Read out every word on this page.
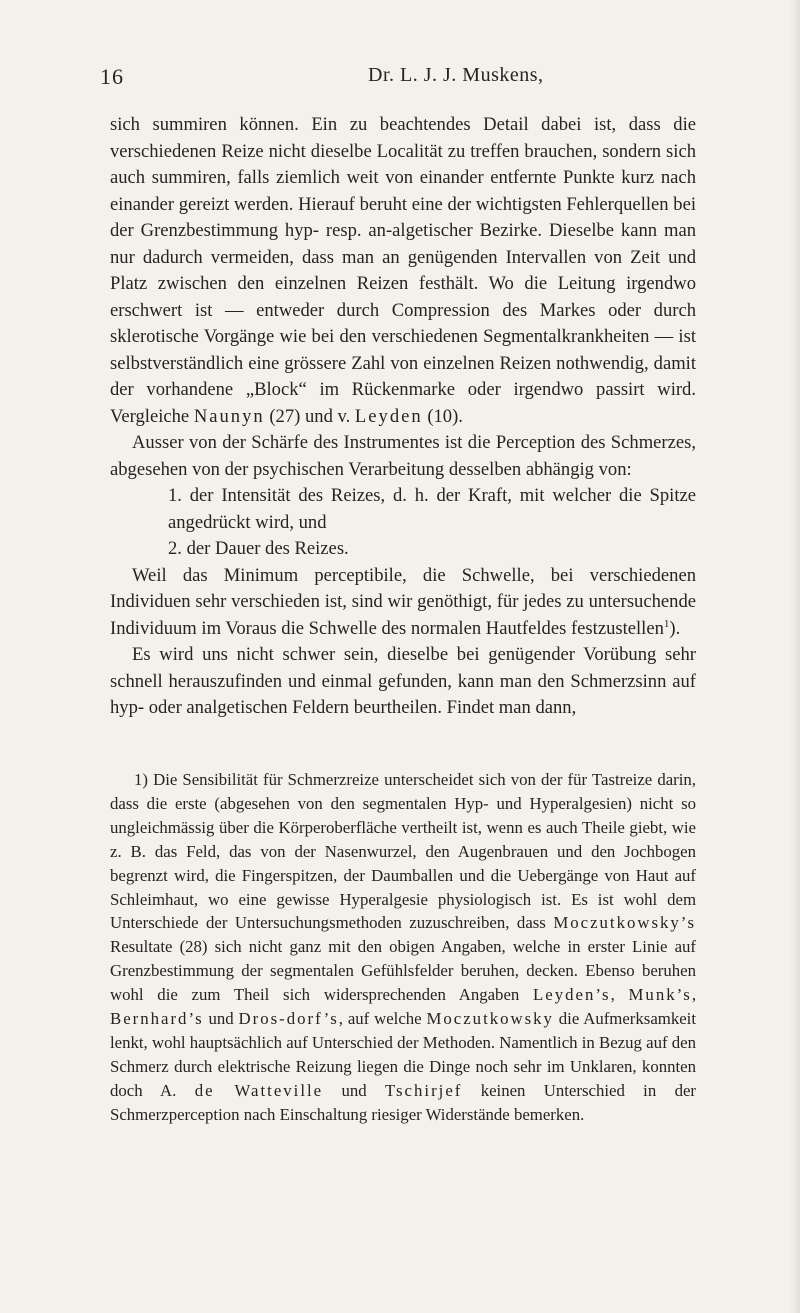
16	Dr. L. J. J. Muskens,

sich summiren können. Ein zu beachtendes Detail dabei ist, dass die verschiedenen Reize nicht dieselbe Localität zu treffen brauchen, sondern sich auch summiren, falls ziemlich weit von einander entfernte Punkte kurz nach einander gereizt werden. Hierauf beruht eine der wichtigsten Fehlerquellen bei der Grenzbestimmung hyp- resp. an-algetischer Bezirke. Dieselbe kann man nur dadurch vermeiden, dass man an genügenden Intervallen von Zeit und Platz zwischen den einzelnen Reizen festhält. Wo die Leitung irgendwo erschwert ist — entweder durch Compression des Markes oder durch sklerotische Vorgänge wie bei den verschiedenen Segmentalkrankheiten — ist selbstverständlich eine grössere Zahl von einzelnen Reizen nothwendig, damit der vorhandene „Block“ im Rückenmarke oder irgendwo passirt wird. Vergleiche Naunyn (27) und v. Leyden (10).

Ausser von der Schärfe des Instrumentes ist die Perception des Schmerzes, abgesehen von der psychischen Verarbeitung desselben abhängig von:

1. der Intensität des Reizes, d. h. der Kraft, mit welcher die Spitze angedrückt wird, und

2. der Dauer des Reizes.

Weil das Minimum perceptibile, die Schwelle, bei verschiedenen Individuen sehr verschieden ist, sind wir genöthigt, für jedes zu untersuchende Individuum im Voraus die Schwelle des normalen Hautfeldes festzustellen$^1$).

Es wird uns nicht schwer sein, dieselbe bei genügender Vorübung sehr schnell herauszufinden und einmal gefunden, kann man den Schmerzsinn auf hyp- oder analgetischen Feldern beurtheilen. Findet man dann,

1) Die Sensibilität für Schmerzreize unterscheidet sich von der für Tastreize darin, dass die erste (abgesehen von den segmentalen Hyp- und Hyperalgesien) nicht so ungleichmässig über die Körperoberfläche vertheilt ist, wenn es auch Theile giebt, wie z. B. das Feld, das von der Nasenwurzel, den Augenbrauen und den Jochbogen begrenzt wird, die Fingerspitzen, der Daumballen und die Uebergänge von Haut auf Schleimhaut, wo eine gewisse Hyperalgesie physiologisch ist. Es ist wohl dem Unterschiede der Untersuchungsmethoden zuzuschreiben, dass Moczutkowsky’s Resultate (28) sich nicht ganz mit den obigen Angaben, welche in erster Linie auf Grenzbestimmung der segmentalen Gefühlsfelder beruhen, decken. Ebenso beruhen wohl die zum Theil sich widersprechenden Angaben Leyden’s, Munk’s, Bernhard’s und Dros-dorf’s, auf welche Moczutkowsky die Aufmerksamkeit lenkt, wohl hauptsächlich auf Unterschied der Methoden. Namentlich in Bezug auf den Schmerz durch elektrische Reizung liegen die Dinge noch sehr im Unklaren, konnten doch A. de Watteville und Tschirjef keinen Unterschied in der Schmerzperception nach Einschaltung riesiger Widerstände bemerken.
